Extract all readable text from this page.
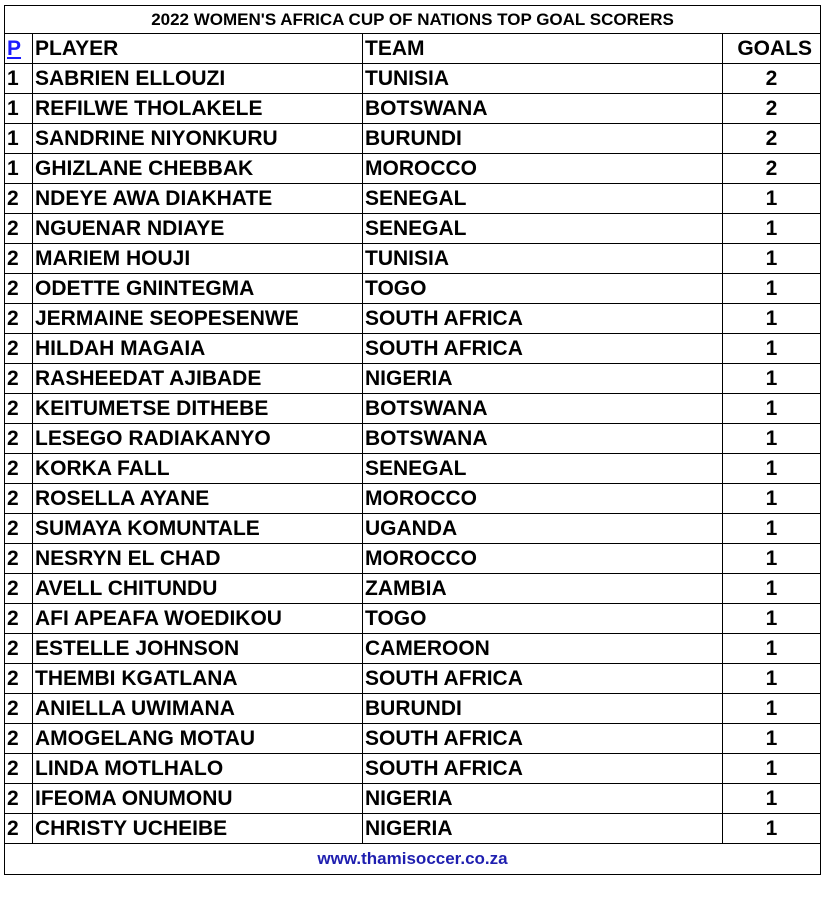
2022 WOMEN'S AFRICA CUP OF NATIONS TOP GOAL SCORERS			
P	PLAYER	TEAM	GOALS
1	SABRIEN ELLOUZI	TUNISIA	2
1	REFILWE THOLAKELE	BOTSWANA	2
1	SANDRINE NIYONKURU	BURUNDI	2
1	GHIZLANE CHEBBAK	MOROCCO	2
2	NDEYE AWA DIAKHATE	SENEGAL	1
2	NGUENAR NDIAYE	SENEGAL	1
2	MARIEM HOUJI	TUNISIA	1
2	ODETTE GNINTEGMA	TOGO	1
2	JERMAINE SEOPESENWE	SOUTH AFRICA	1
2	HILDAH MAGAIA	SOUTH AFRICA	1
2	RASHEEDAT AJIBADE	NIGERIA	1
2	KEITUMETSE DITHEBE	BOTSWANA	1
2	LESEGO RADIAKANYO	BOTSWANA	1
2	KORKA FALL	SENEGAL	1
2	ROSELLA AYANE	MOROCCO	1
2	SUMAYA KOMUNTALE	UGANDA	1
2	NESRYN EL CHAD	MOROCCO	1
2	AVELL CHITUNDU	ZAMBIA	1
2	AFI APEAFA WOEDIKOU	TOGO	1
2	ESTELLE JOHNSON	CAMEROON	1
2	THEMBI KGATLANA	SOUTH AFRICA	1
2	ANIELLA UWIMANA	BURUNDI	1
2	AMOGELANG MOTAU	SOUTH AFRICA	1
2	LINDA MOTLHALO	SOUTH AFRICA	1
2	IFEOMA ONUMONU	NIGERIA	1
2	CHRISTY UCHEIBE	NIGERIA	1
www.thamisoccer.co.za			
